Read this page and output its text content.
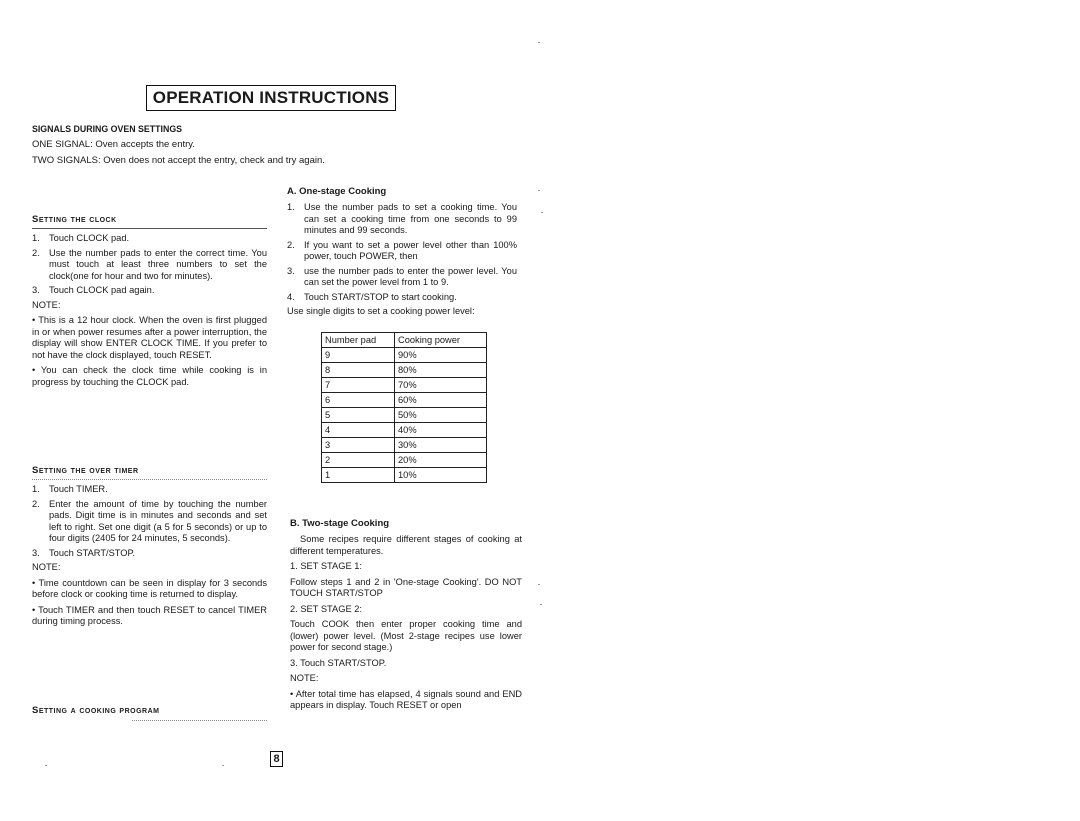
OPERATION INSTRUCTIONS
SIGNALS DURING OVEN SETTINGS
ONE SIGNAL: Oven accepts the entry.
TWO SIGNALS: Oven does not accept the entry, check and try again.
Setting the clock
1. Touch CLOCK pad.
2. Use the number pads to enter the correct time. You must touch at least three numbers to set the clock(one for hour and two for minutes).
3. Touch CLOCK pad again.
NOTE:
• This is a 12 hour clock. When the oven is first plugged in or when power resumes after a power interruption, the display will show ENTER CLOCK TIME. If you prefer to not have the clock displayed, touch RESET.
• You can check the clock time while cooking is in progress by touching the CLOCK pad.
Setting the over timer
1. Touch TIMER.
2. Enter the amount of time by touching the number pads. Digit time is in minutes and seconds and set left to right. Set one digit (a 5 for 5 seconds) or up to four digits (2405 for 24 minutes, 5 seconds).
3. Touch START/STOP.
NOTE:
• Time countdown can be seen in display for 3 seconds before clock or cooking time is returned to display.
• Touch TIMER and then touch RESET to cancel TIMER during timing process.
Setting a cooking program
A. One-stage Cooking
1. Use the number pads to set a cooking time. You can set a cooking time from one seconds to 99 minutes and 99 seconds.
2. If you want to set a power level other than 100% power, touch POWER, then
3. use the number pads to enter the power level. You can set the power level from 1 to 9.
4. Touch START/STOP to start cooking.
Use single digits to set a cooking power level:
Number pad	Cooking power
9	90%
8	80%
7	70%
6	60%
5	50%
4	40%
3	30%
2	20%
1	10%
B. Two-stage Cooking
Some recipes require different stages of cooking at different temperatures.
1. SET STAGE 1:
Follow steps 1 and 2 in 'One-stage Cooking'. DO NOT TOUCH START/STOP
2. SET STAGE 2:
Touch COOK then enter proper cooking time and (lower) power level. (Most 2-stage recipes use lower power for second stage.)
3. Touch START/STOP.
NOTE:
• After total time has elapsed, 4 signals sound and END appears in display. Touch RESET or open
8
